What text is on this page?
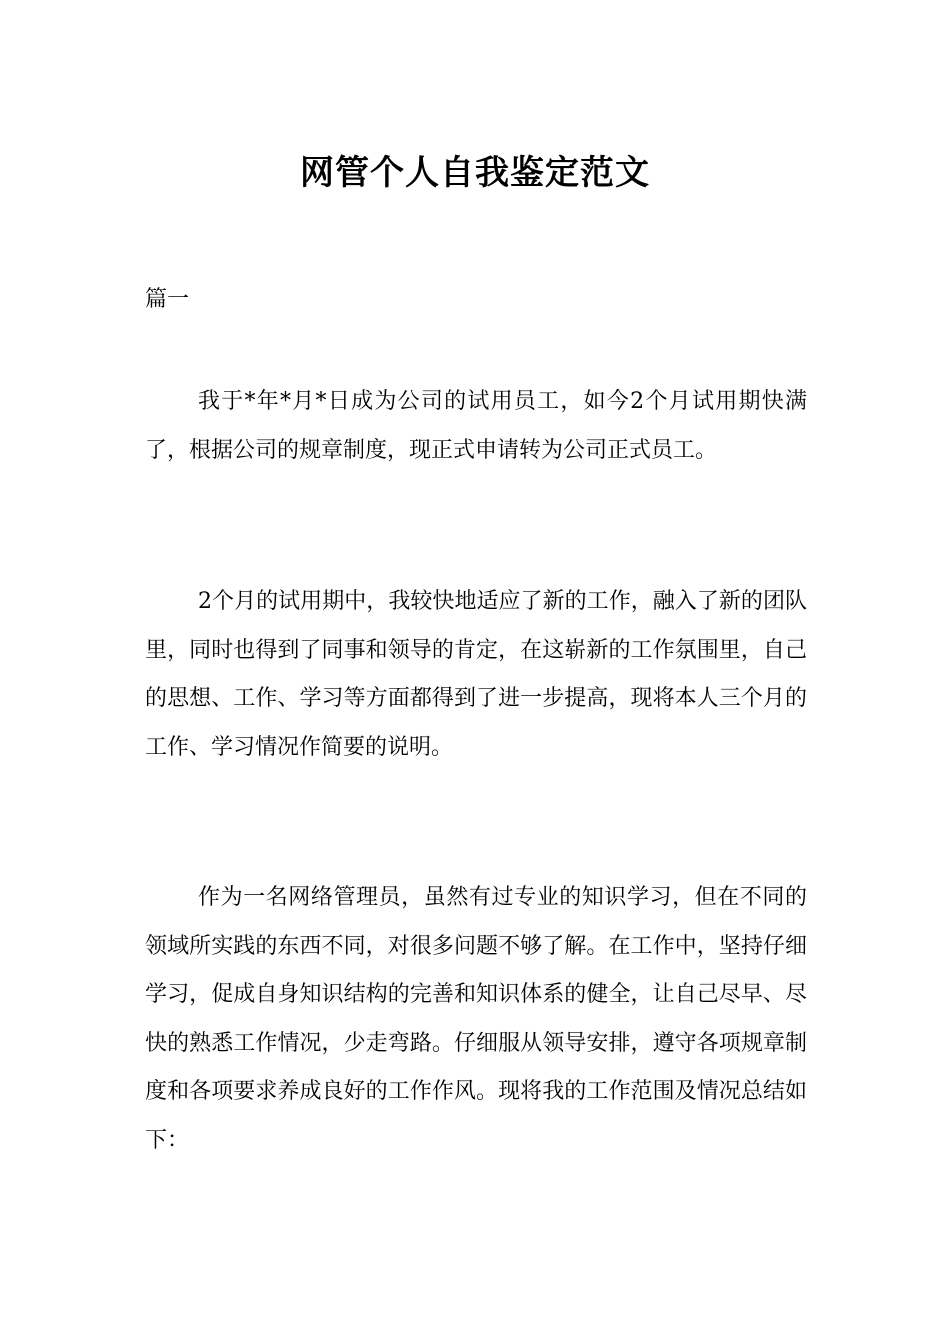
网管个人自我鉴定范文
篇一

我于*年*月*日成为公司的试用员工，如今2个月试用期快满了，根据公司的规章制度，现正式申请转为公司正式员工。

2个月的试用期中，我较快地适应了新的工作，融入了新的团队里，同时也得到了同事和领导的肯定，在这崭新的工作氛围里，自己的思想、工作、学习等方面都得到了进一步提高，现将本人三个月的工作、学习情况作简要的说明。

作为一名网络管理员，虽然有过专业的知识学习，但在不同的领域所实践的东西不同，对很多问题不够了解。在工作中，坚持仔细学习，促成自身知识结构的完善和知识体系的健全，让自己尽早、尽快的熟悉工作情况，少走弯路。仔细服从领导安排，遵守各项规章制度和各项要求养成良好的工作作风。现将我的工作范围及情况总结如下：
